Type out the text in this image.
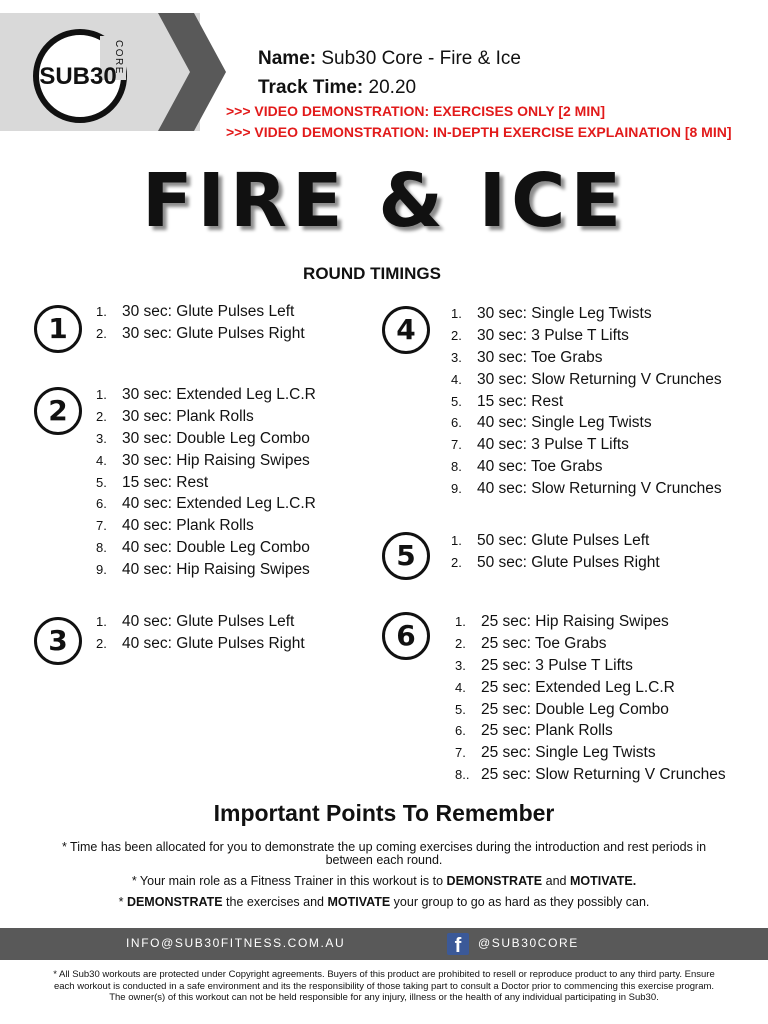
SUB30
CORE	Name: Sub30 Core - Fire & Ice
Track Time: 20.20
>>> VIDEO DEMONSTRATION: EXERCISES ONLY [2 MIN]
>>> VIDEO DEMONSTRATION: IN-DEPTH EXERCISE EXPLAINATION [8 MIN]
FIRE & ICE
ROUND TIMINGS
1
1. 30 sec: Glute Pulses Left
2. 30 sec: Glute Pulses Right
2	1. 30 sec: Extended Leg L.C.R
2. 30 sec: Plank Rolls
3. 30 sec: Double Leg Combo
4. 30 sec: Hip Raising Swipes
5. 15 sec: Rest
6. 40 sec: Extended Leg L.C.R
7. 40 sec: Plank Rolls
8. 40 sec: Double Leg Combo
9. 40 sec: Hip Raising Swipes
3
1. 40 sec: Glute Pulses Left
2. 40 sec: Glute Pulses Right
4	1. 30 sec: Single Leg Twists
2. 30 sec: 3 Pulse T Lifts
3. 30 sec: Toe Grabs
4. 30 sec: Slow Returning V Crunches
5. 15 sec: Rest
6. 40 sec: Single Leg Twists
7. 40 sec: 3 Pulse T Lifts
8. 40 sec: Toe Grabs
9. 40 sec: Slow Returning V Crunches
5	1. 50 sec: Glute Pulses Left
2. 50 sec: Glute Pulses Right
6	1. 25 sec: Hip Raising Swipes
2. 25 sec: Toe Grabs
3. 25 sec: 3 Pulse T Lifts
4. 25 sec: Extended Leg L.C.R
5. 25 sec: Double Leg Combo
6. 25 sec: Plank Rolls
7. 25 sec: Single Leg Twists
8.. 25 sec: Slow Returning V Crunches
Important Points To Remember
* Time has been allocated for you to demonstrate the up coming exercises during the introduction and rest periods in between each round.
* Your main role as a Fitness Trainer in this workout is to DEMONSTRATE and MOTIVATE.
* DEMONSTRATE the exercises and MOTIVATE your group to go as hard as they possibly can.
INFO@SUB30FITNESS.COM.AU	f	@SUB30CORE
* All Sub30 workouts are protected under Copyright agreements. Buyers of this product are prohibited to resell or reproduce product to any third party. Ensure each workout is conducted in a safe environment and its the responsibility of those taking part to consult a Doctor prior to commencing this exercise program. The owner(s) of this workout can not be held responsible for any injury, illness or the health of any individual participating in Sub30.
